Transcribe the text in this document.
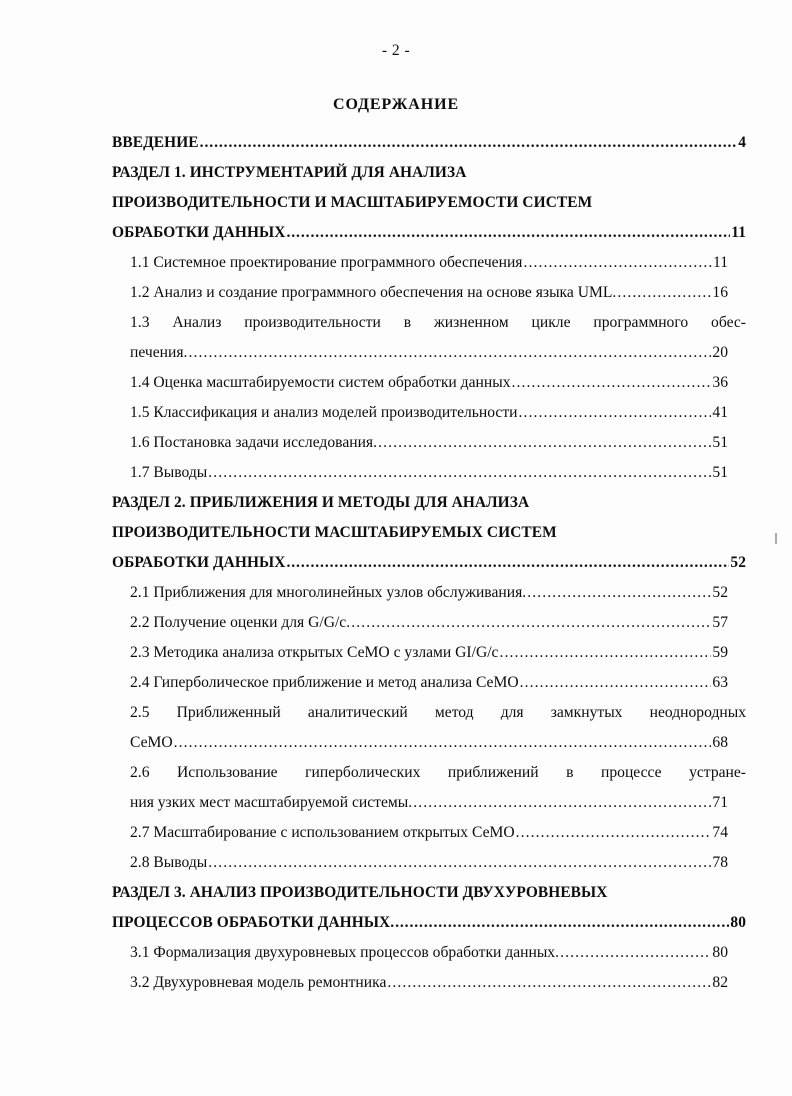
- 2 -
СОДЕРЖАНИЕ
ВВЕДЕНИЕ .....	4
РАЗДЕЛ 1. ИНСТРУМЕНТАРИЙ ДЛЯ АНАЛИЗА
ПРОИЗВОДИТЕЛЬНОСТИ И МАСШТАБИРУЕМОСТИ СИСТЕМ
ОБРАБОТКИ ДАННЫХ .....	11
1.1 Системное проектирование программного обеспечения .....	11
1.2 Анализ и создание программного обеспечения на основе языка UML .....	16
1.3 Анализ производительности в жизненном цикле программного обес-
печения .....	20
1.4 Оценка масштабируемости систем обработки данных .....	36
1.5 Классификация и анализ моделей производительности .....	41
1.6 Постановка задачи исследования .....	51
1.7 Выводы .....	51
РАЗДЕЛ 2. ПРИБЛИЖЕНИЯ И МЕТОДЫ ДЛЯ АНАЛИЗА
ПРОИЗВОДИТЕЛЬНОСТИ МАСШТАБИРУЕМЫХ СИСТЕМ
ОБРАБОТКИ ДАННЫХ .....	52
2.1 Приближения для многолинейных узлов обслуживания .....	52
2.2 Получение оценки для G/G/c .....	57
2.3 Методика анализа открытых СеМО с узлами GI/G/c .....	59
2.4 Гиперболическое приближение и метод анализа СеМО .....	63
2.5 Приближенный аналитический метод для замкнутых неоднородных
СеМО .....	68
2.6 Использование гиперболических приближений в процессе устране-
ния узких мест масштабируемой системы .....	71
2.7 Масштабирование с использованием открытых СеМО .....	74
2.8 Выводы .....	78
РАЗДЕЛ 3. АНАЛИЗ ПРОИЗВОДИТЕЛЬНОСТИ ДВУХУРОВНЕВЫХ
ПРОЦЕССОВ ОБРАБОТКИ ДАННЫХ .....	80
3.1 Формализация двухуровневых процессов обработки данных .....	80
3.2 Двухуровневая модель ремонтника .....	82
